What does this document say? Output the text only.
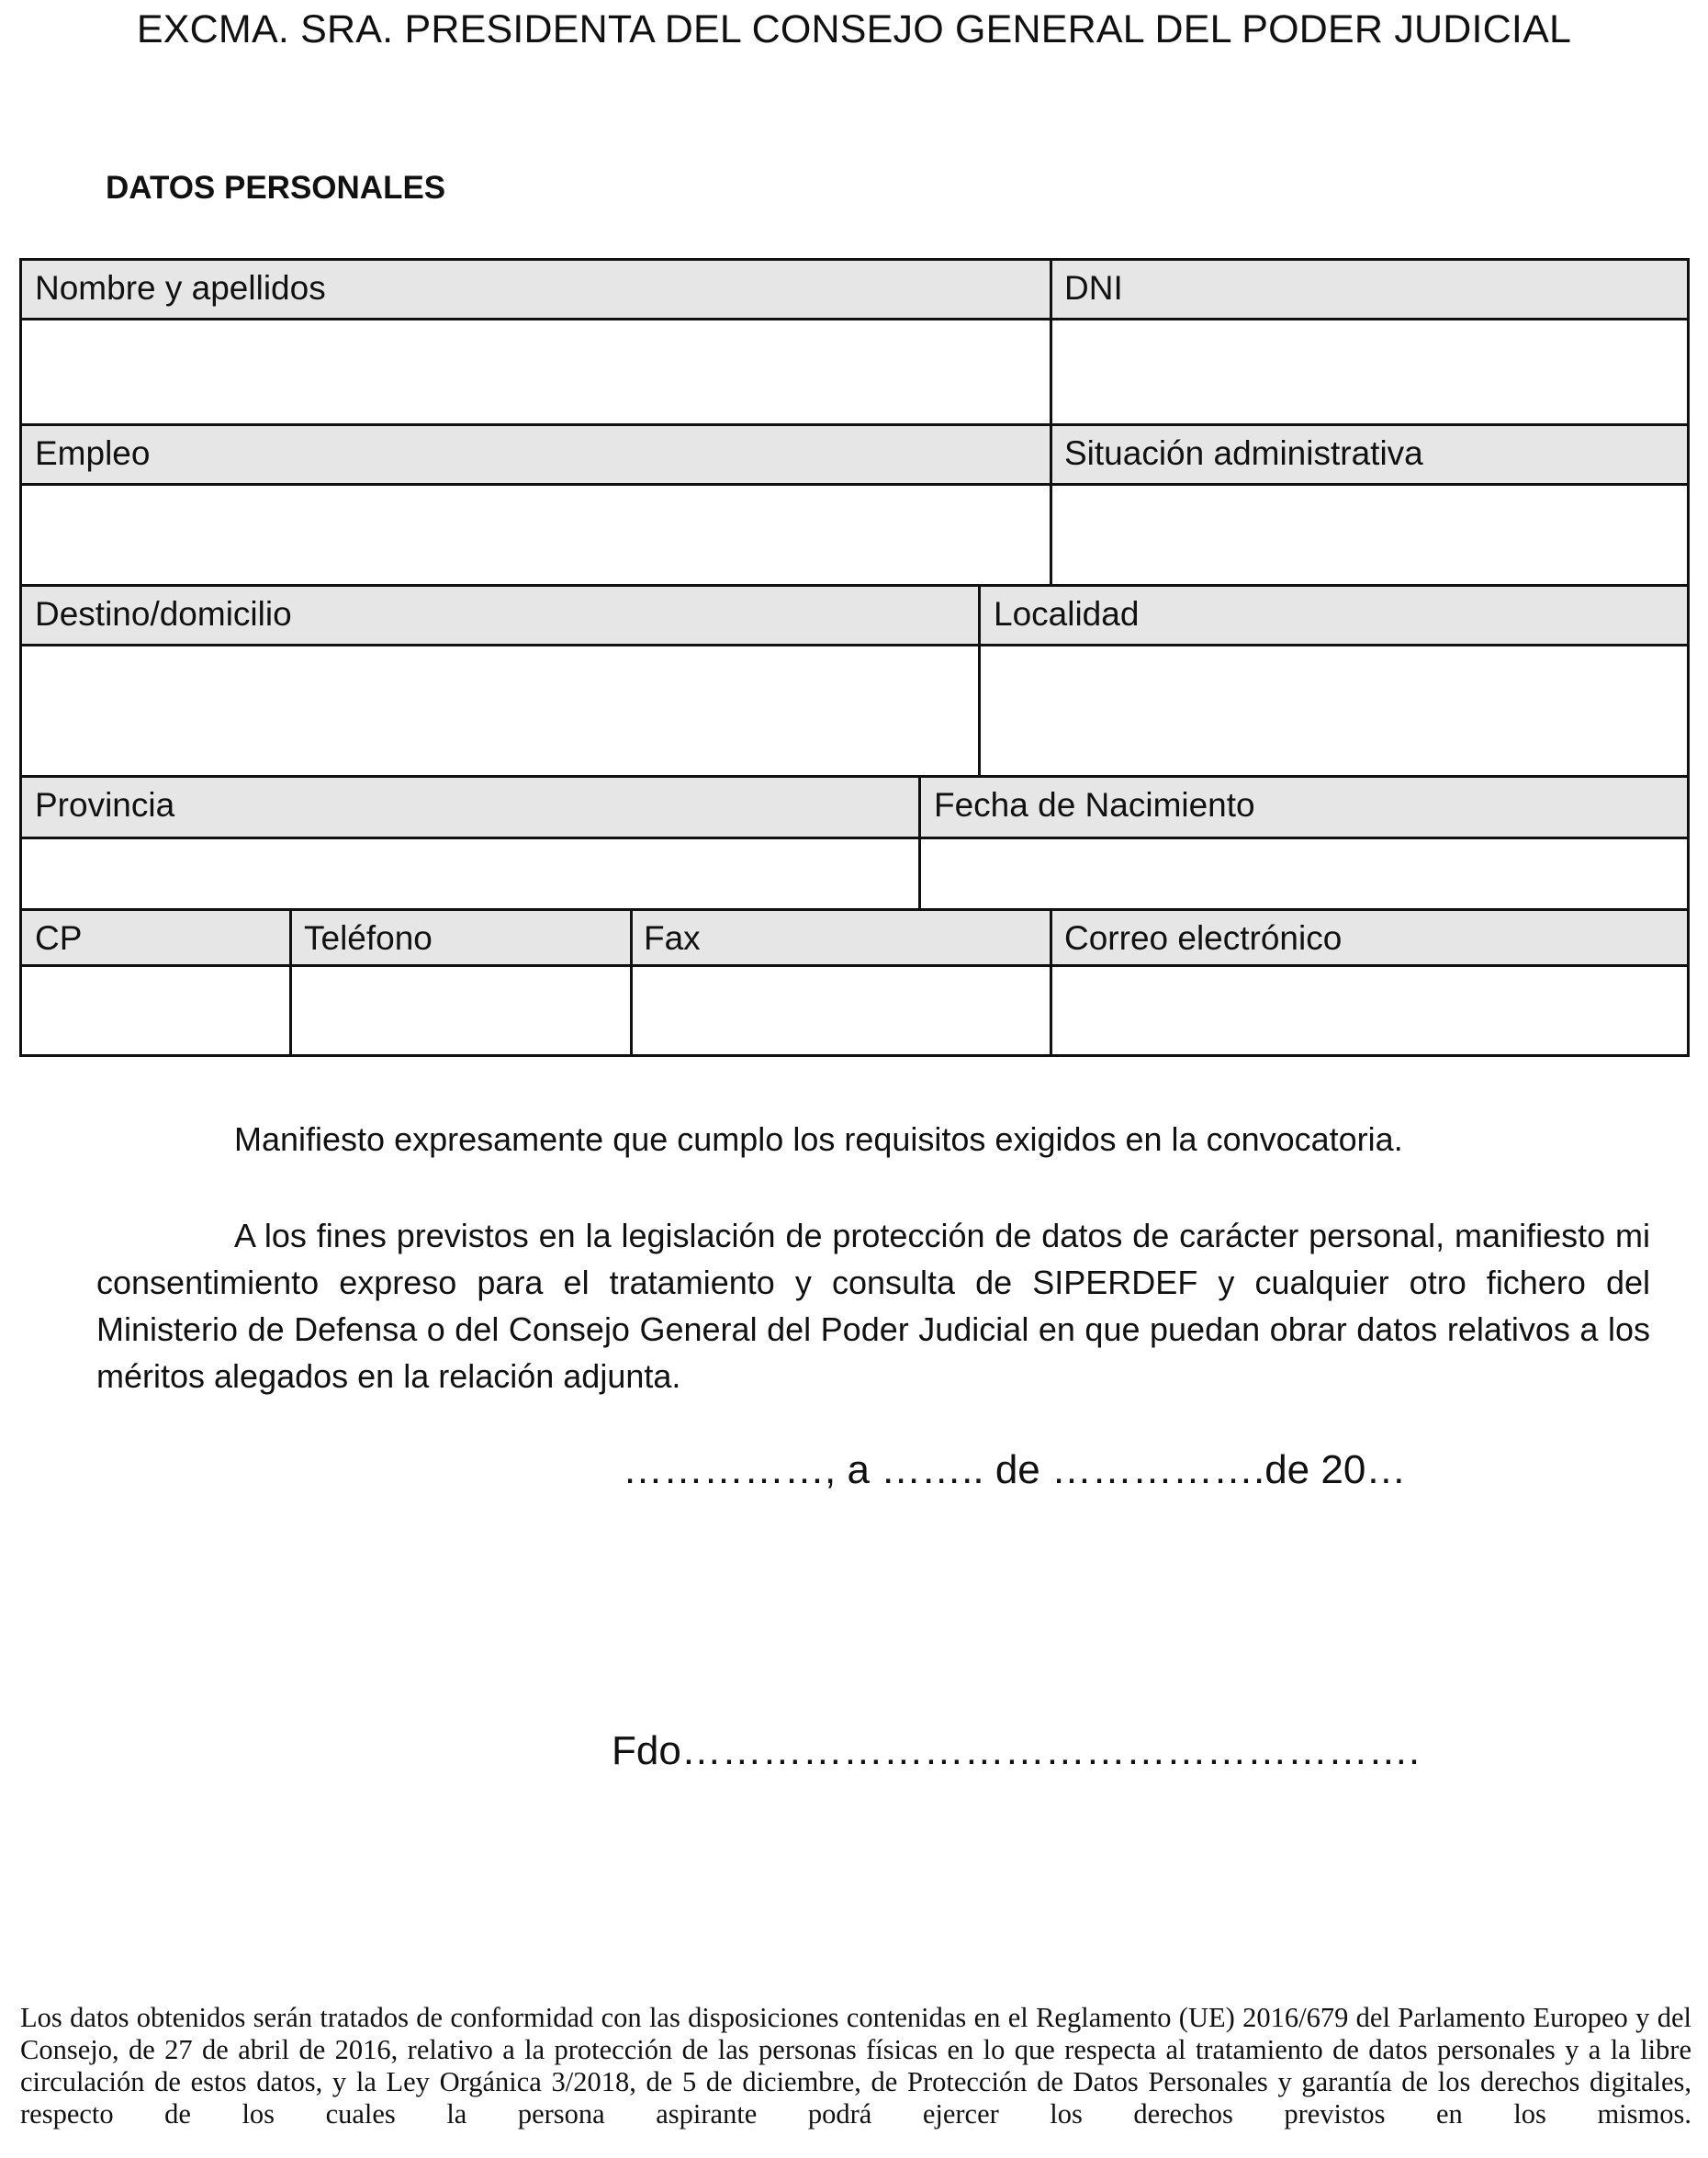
EXCMA. SRA. PRESIDENTA DEL CONSEJO GENERAL DEL PODER JUDICIAL
DATOS PERSONALES
Nombre y apellidos	DNI
Empleo	Situación administrativa
Destino/domicilio	Localidad
Provincia	Fecha de Nacimiento
CP	Teléfono	Fax	Correo electrónico
Manifiesto expresamente que cumplo los requisitos exigidos en la convocatoria.
A los fines previstos en la legislación de protección de datos de carácter personal, manifiesto mi consentimiento expreso para el tratamiento y consulta de SIPERDEF y cualquier otro fichero del Ministerio de Defensa o del Consejo General del Poder Judicial en que puedan obrar datos relativos a los méritos alegados en la relación adjunta.
……………, a …….. de …………….de 20…
Fdo……………………………………………….
Los datos obtenidos serán tratados de conformidad con las disposiciones contenidas en el Reglamento (UE) 2016/679 del Parlamento Europeo y del Consejo, de 27 de abril de 2016, relativo a la protección de las personas físicas en lo que respecta al tratamiento de datos personales y a la libre circulación de estos datos, y la Ley Orgánica 3/2018, de 5 de diciembre, de Protección de Datos Personales y garantía de los derechos digitales, respecto de los cuales la persona aspirante podrá ejercer los derechos previstos en los mismos.
